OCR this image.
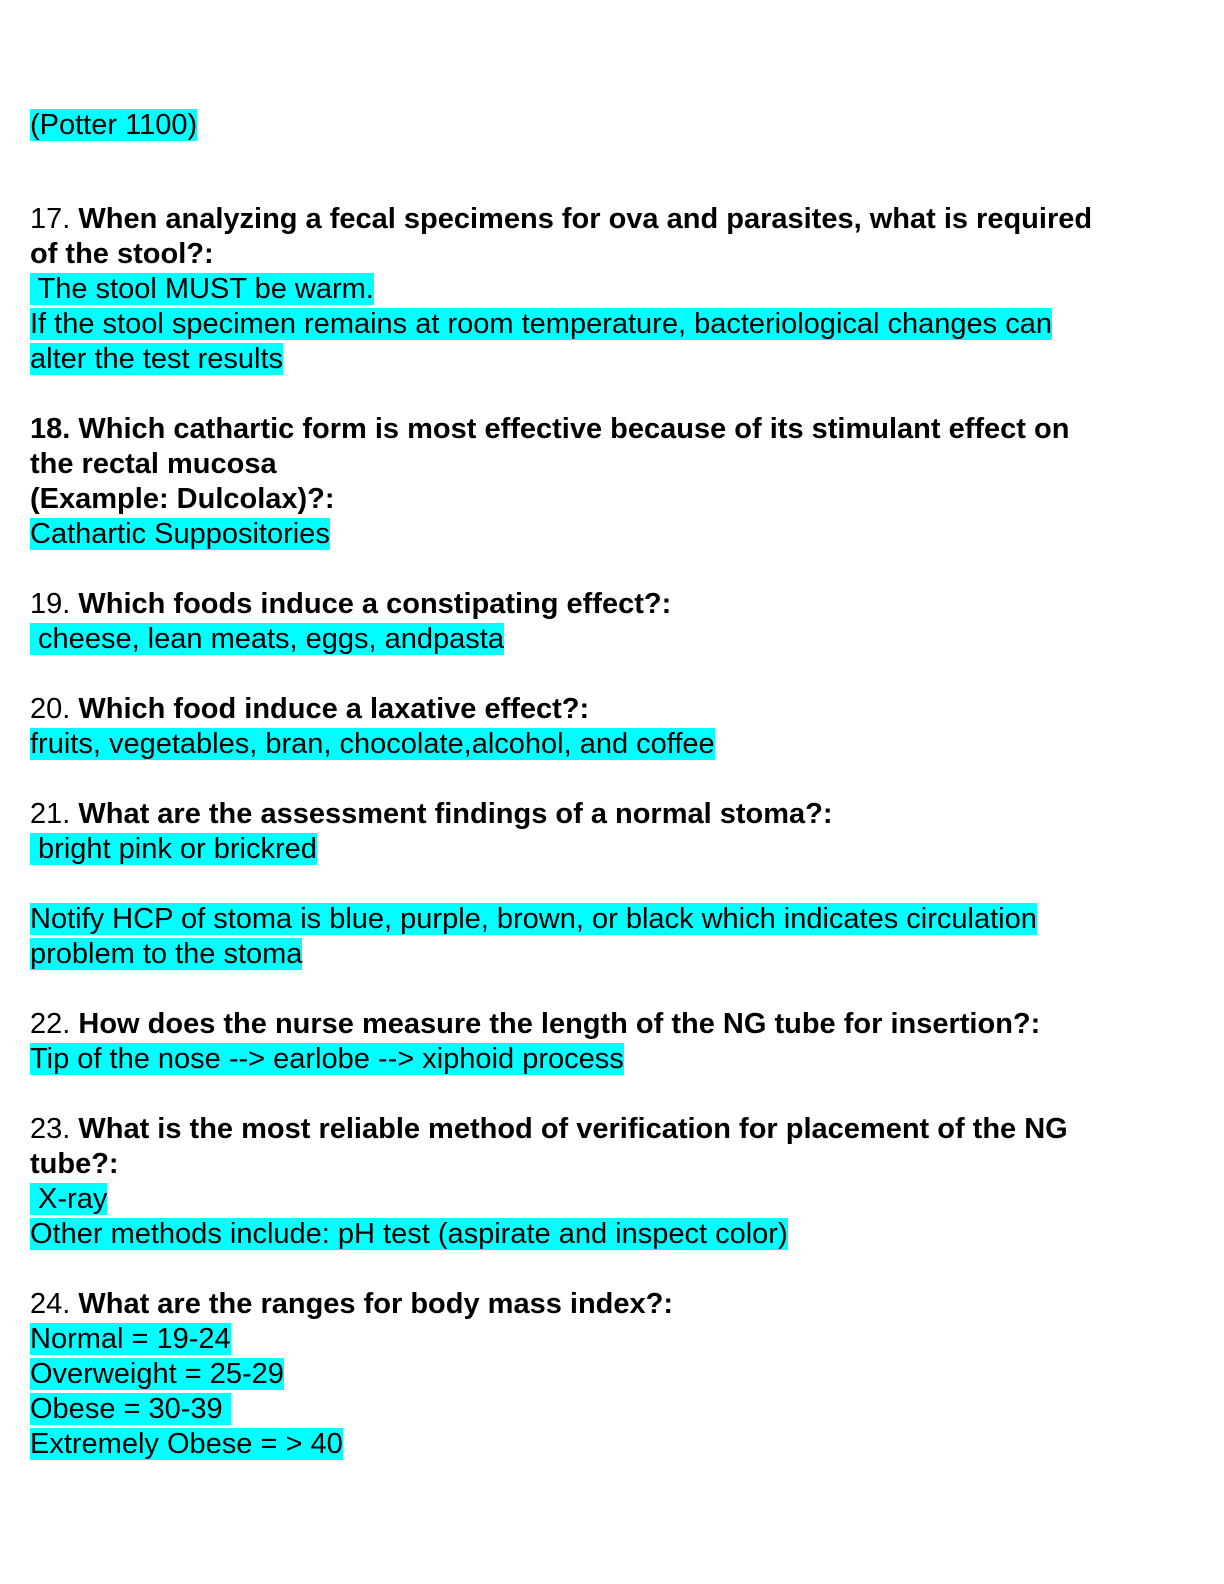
(Potter 1100)
17. When analyzing a fecal specimens for ova and parasites, what is required
of the stool?:
The stool MUST be warm.
If the stool specimen remains at room temperature, bacteriological changes can
alter the test results
18. Which cathartic form is most effective because of its stimulant effect on
the rectal mucosa
(Example: Dulcolax)?:
Cathartic Suppositories
19. Which foods induce a constipating effect?:
cheese, lean meats, eggs, andpasta
20. Which food induce a laxative effect?:
fruits, vegetables, bran, chocolate,alcohol, and coffee
21. What are the assessment findings of a normal stoma?:
bright pink or brickred
Notify HCP of stoma is blue, purple, brown, or black which indicates circulation
problem to the stoma
22. How does the nurse measure the length of the NG tube for insertion?:
Tip of the nose --> earlobe --> xiphoid process
23. What is the most reliable method of verification for placement of the NG
tube?:
X-ray
Other methods include: pH test (aspirate and inspect color)
24. What are the ranges for body mass index?:
Normal = 19-24
Overweight = 25-29
Obese = 30-39
Extremely Obese = > 40
